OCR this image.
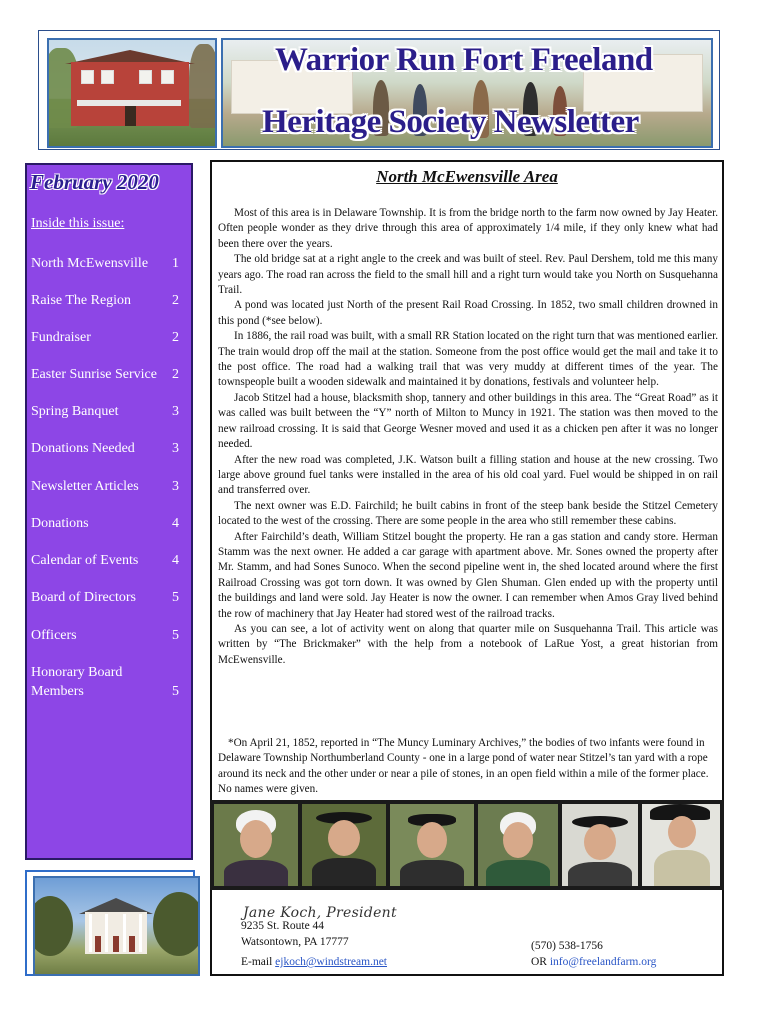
Warrior Run Fort Freeland
Heritage Society Newsletter
February 2020
Inside this issue:
North McEwensville 1
Raise The Region	2
Fundraiser	2
Easter Sunrise Service 2
Spring Banquet	3
Donations Needed	3
Newsletter Articles 3
Donations	4
Calendar of Events 4
Board of Directors	5
Officers	5
Honorary Board Members	5
North McEwensville Area

Most of this area is in Delaware Township. It is from the bridge north to the farm now owned by Jay Heater. Often people wonder as they drive through this area of approximately 1/4 mile, if they only knew what had been there over the years.

The old bridge sat at a right angle to the creek and was built of steel. Rev. Paul Dershem, told me this many years ago. The road ran across the field to the small hill and a right turn would take you North on Susquehanna Trail.

A pond was located just North of the present Rail Road Crossing. In 1852, two small children drowned in this pond (*see below).

In 1886, the rail road was built, with a small RR Station located on the right turn that was mentioned earlier. The train would drop off the mail at the station. Someone from the post office would get the mail and take it to the post office. The road had a walking trail that was very muddy at different times of the year. The townspeople built a wooden sidewalk and maintained it by donations, festivals and volunteer help.

Jacob Stitzel had a house, blacksmith shop, tannery and other buildings in this area. The “Great Road” as it was called was built between the “Y” north of Milton to Muncy in 1921. The station was then moved to the new railroad crossing. It is said that George Wesner moved and used it as a chicken pen after it was no longer needed.

After the new road was completed, J.K. Watson built a filling station and house at the new crossing. Two large above ground fuel tanks were installed in the area of his old coal yard. Fuel would be shipped in on rail and transferred over.

The next owner was E.D. Fairchild; he built cabins in front of the steep bank beside the Stitzel Cemetery located to the west of the crossing. There are some people in the area who still remember these cabins.

After Fairchild’s death, William Stitzel bought the property. He ran a gas station and candy store. Herman Stamm was the next owner. He added a car garage with apartment above. Mr. Sones owned the property after Mr. Stamm, and had Sones Sunoco. When the second pipeline went in, the shed located around where the first Railroad Crossing was got torn down. It was owned by Glen Shuman. Glen ended up with the property until the buildings and land were sold. Jay Heater is now the owner. I can remember when Amos Gray lived behind the row of machinery that Jay Heater had stored west of the railroad tracks.

As you can see, a lot of activity went on along that quarter mile on Susquehanna Trail. This article was written by “The Brickmaker” with the help from a notebook of LaRue Yost, a great historian from McEwensville.

*On April 21, 1852, reported in “The Muncy Luminary Archives,” the bodies of two infants were found in Delaware Township Northumberland County - one in a large pond of water near Stitzel’s tan yard with a rope around its neck and the other under or near a pile of stones, in an open field within a mile of the former place. No names were given.

Jane Koch, President
9235 St. Route 44
Watsontown, PA 17777
E-mail ejkoch@windstream.net
(570) 538-1756
OR info@freelandfarm.org
